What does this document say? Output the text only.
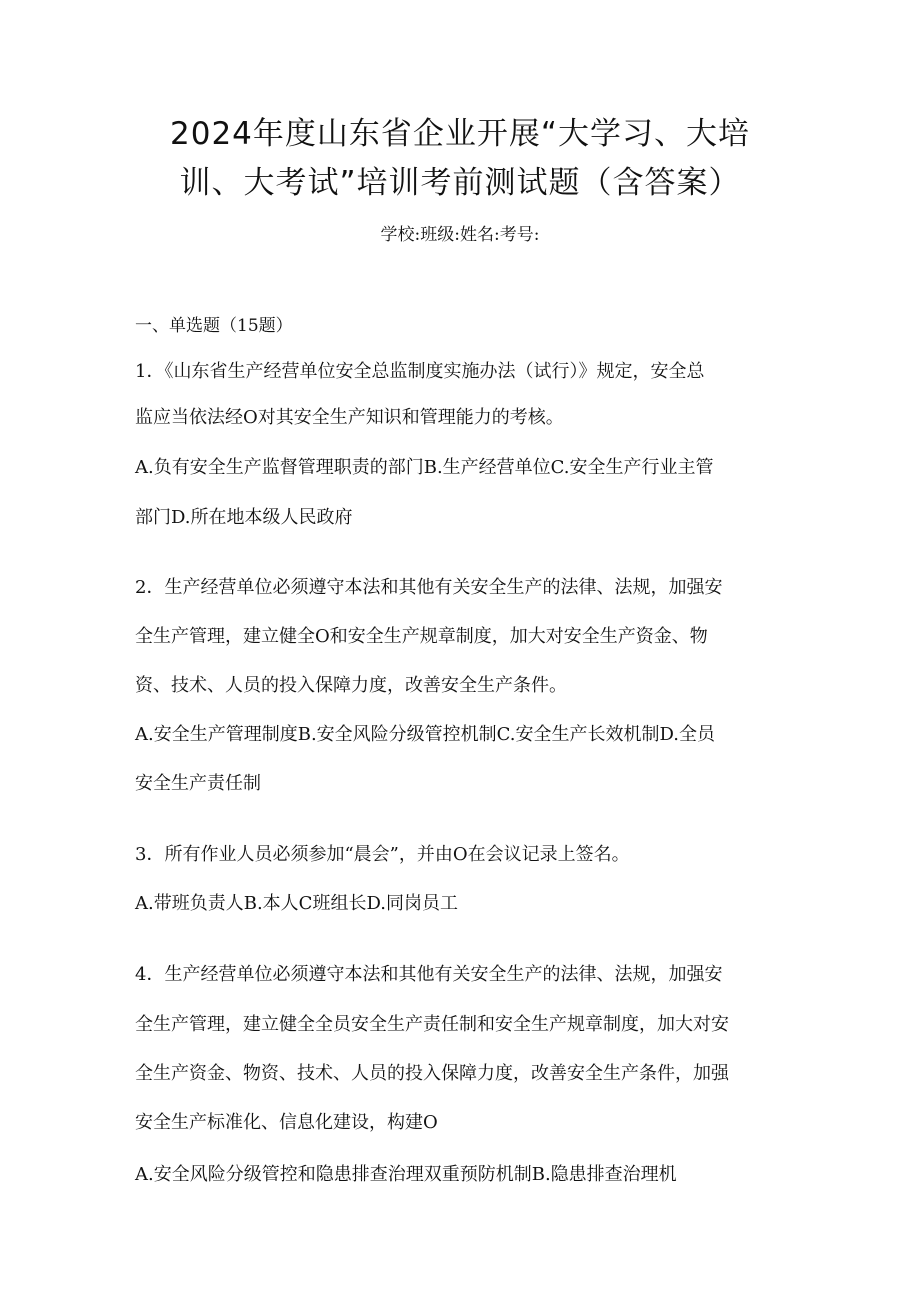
2024年度山东省企业开展“大学习、大培
训、大考试”培训考前测试题（含答案）
学校:班级:姓名:考号:
一、单选题（15题）
1．《山东省生产经营单位安全总监制度实施办法（试行）》规定，安全总
监应当依法经O对其安全生产知识和管理能力的考核。
A.负有安全生产监督管理职责的部门B.生产经营单位C.安全生产行业主管
部门D.所在地本级人民政府
2．生产经营单位必须遵守本法和其他有关安全生产的法律、法规，加强安
全生产管理，建立健全O和安全生产规章制度，加大对安全生产资金、物
资、技术、人员的投入保障力度，改善安全生产条件。
A.安全生产管理制度B.安全风险分级管控机制C.安全生产长效机制D.全员
安全生产责任制
3．所有作业人员必须参加“晨会”，并由O在会议记录上签名。
A.带班负责人B.本人C班组长D.同岗员工
4．生产经营单位必须遵守本法和其他有关安全生产的法律、法规，加强安
全生产管理，建立健全全员安全生产责任制和安全生产规章制度，加大对安
全生产资金、物资、技术、人员的投入保障力度，改善安全生产条件，加强
安全生产标准化、信息化建设，构建O
A.安全风险分级管控和隐患排查治理双重预防机制B.隐患排查治理机
